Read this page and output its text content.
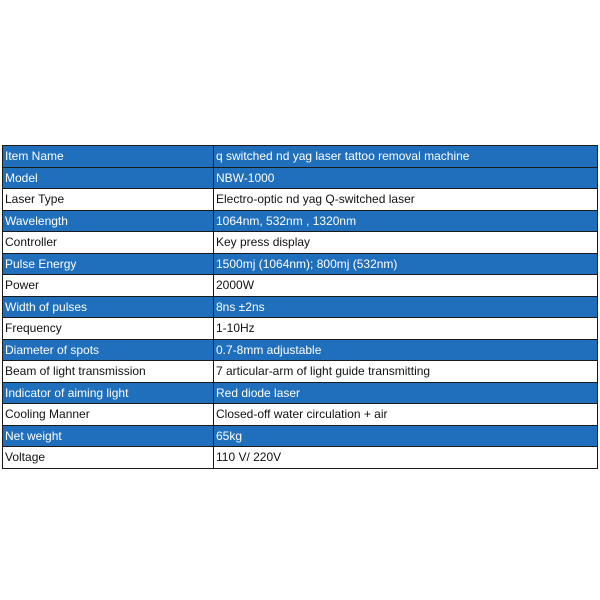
Item Name	q switched nd yag laser tattoo removal machine
Model	NBW-1000
Laser Type	Electro-optic nd yag Q-switched laser
Wavelength	1064nm, 532nm , 1320nm
Controller	Key press display
Pulse Energy	1500mj (1064nm); 800mj (532nm)
Power	2000W
Width of pulses	8ns ±2ns
Frequency	1-10Hz
Diameter of spots	0.7-8mm adjustable
Beam of light transmission	7 articular-arm of light guide transmitting
Indicator of aiming light	Red diode laser
Cooling Manner	Closed-off water circulation + air
Net weight	65kg
Voltage	110 V/ 220V
